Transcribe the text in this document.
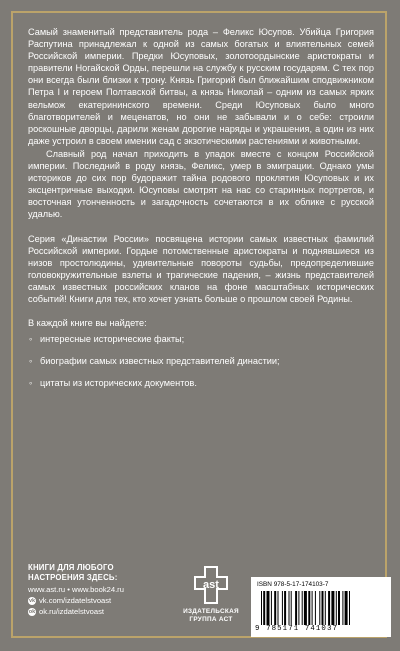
Самый знаменитый представитель рода – Феликс Юсупов. Убийца Григория Распутина принадлежал к одной из самых богатых и влиятельных семей Российской империи. Предки Юсуповых, золотоордынские аристократы и правители Ногайской Орды, перешли на службу к русским государям. С тех пор они всегда были близки к трону. Князь Григорий был ближайшим сподвижником Петра I и героем Полтавской битвы, а князь Николай – одним из самых ярких вельмож екатерининского времени. Среди Юсуповых было много благотворителей и меценатов, но они не забывали и о себе: строили роскошные дворцы, дарили женам дорогие наряды и украшения, а один из них даже устроил в своем имении сад с экзотическими растениями и животными.

Славный род начал приходить в упадок вместе с концом Российской империи. Последний в роду князь, Феликс, умер в эмиграции. Однако умы историков до сих пор будоражит тайна родового проклятия Юсуповых и их эксцентричные выходки. Юсуповы смотрят на нас со старинных портретов, и восточная утонченность и загадочность сочетаются в их облике с русской удалью.

Серия «Династии России» посвящена истории самых известных фамилий Российской империи. Гордые потомственные аристократы и поднявшиеся из низов простолюдины, удивительные повороты судьбы, предопределившие головокружительные взлеты и трагические падения, – жизнь представителей самых известных российских кланов на фоне масштабных исторических событий! Книги для тех, кто хочет узнать больше о прошлом своей Родины.

В каждой книге вы найдете:

◦ интересные исторические факты;
◦ биографии самых известных представителей династии;
◦ цитаты из исторических документов.
КНИГИ ДЛЯ ЛЮБОГО
НАСТРОЕНИЯ ЗДЕСЬ:
www.ast.ru • www.book24.ru
vk vk.com/izdatelstvoast
ok ok.ru/izdatelstvoast
ast
ИЗДАТЕЛЬСКАЯ
ГРУППА АСТ
ISBN 978-5-17-174103-7
9 785171 741037
